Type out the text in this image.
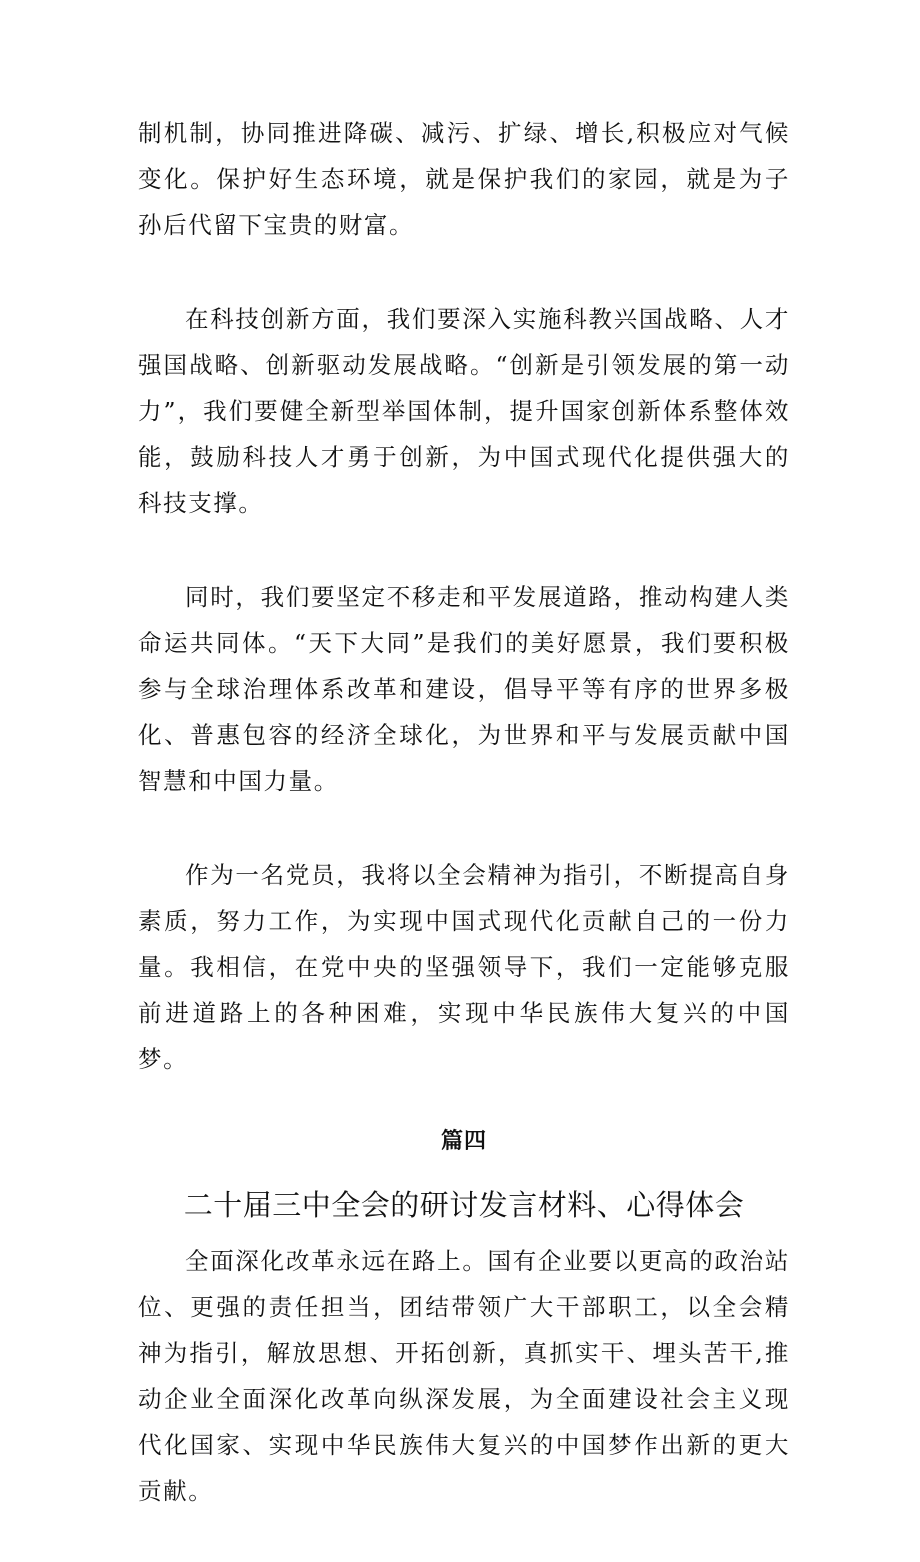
制机制，协同推进降碳、减污、扩绿、增长,积极应对气候变化。保护好生态环境，就是保护我们的家园，就是为子孙后代留下宝贵的财富。

在科技创新方面，我们要深入实施科教兴国战略、人才强国战略、创新驱动发展战略。“创新是引领发展的第一动力”，我们要健全新型举国体制，提升国家创新体系整体效能，鼓励科技人才勇于创新，为中国式现代化提供强大的科技支撑。

同时，我们要坚定不移走和平发展道路，推动构建人类命运共同体。“天下大同”是我们的美好愿景，我们要积极参与全球治理体系改革和建设，倡导平等有序的世界多极化、普惠包容的经济全球化，为世界和平与发展贡献中国智慧和中国力量。

作为一名党员，我将以全会精神为指引，不断提高自身素质，努力工作，为实现中国式现代化贡献自己的一份力量。我相信，在党中央的坚强领导下，我们一定能够克服前进道路上的各种困难，实现中华民族伟大复兴的中国梦。

篇四
二十届三中全会的研讨发言材料、心得体会

全面深化改革永远在路上。国有企业要以更高的政治站位、更强的责任担当，团结带领广大干部职工，以全会精神为指引，解放思想、开拓创新，真抓实干、埋头苦干,推动企业全面深化改革向纵深发展，为全面建设社会主义现代化国家、实现中华民族伟大复兴的中国梦作出新的更大贡献。
